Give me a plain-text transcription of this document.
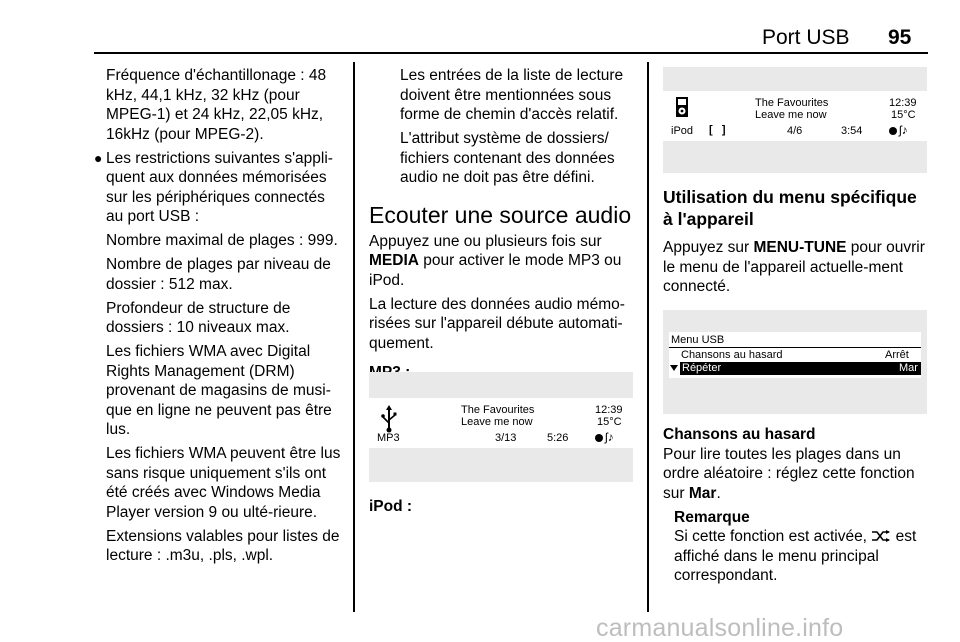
Port USB 95

Fréquence d'échantillonage : 48 kHz, 44,1 kHz, 32 kHz (pour MPEG-1) et 24 kHz, 22,05 kHz, 16kHz (pour MPEG-2).

● Les restrictions suivantes s'appli-quent aux données mémorisées sur les périphériques connectés au port USB :

Nombre maximal de plages : 999.

Nombre de plages par niveau de dossier : 512 max.

Profondeur de structure de dossiers : 10 niveaux max.

Les fichiers WMA avec Digital Rights Management (DRM) provenant de magasins de musi-que en ligne ne peuvent pas être lus.

Les fichiers WMA peuvent être lus sans risque uniquement s'ils ont été créés avec Windows Media Player version 9 ou ulté-rieure.

Extensions valables pour listes de lecture : .m3u, .pls, .wpl.

Les entrées de la liste de lecture doivent être mentionnées sous forme de chemin d'accès relatif.

L'attribut système de dossiers/ fichiers contenant des données audio ne doit pas être défini.

Ecouter une source audio

Appuyez une ou plusieurs fois sur MEDIA pour activer le mode MP3 ou iPod.

La lecture des données audio mémo-risées sur l'appareil débute automati-quement.

iPod :
The Favourites
Leave me now
12:39
15°C
MP3	3/13	5:26	ʃ♪
The Favourites
Leave me now
12:39
15°C
iPod [   ]	4/6	3:54	ʃ♪
Utilisation du menu spécifique à l'appareil

Appuyez sur MENU-TUNE pour ouvrir le menu de l'appareil actuelle-ment connecté.

Menu USB
Chansons au hasard	Arrêt
Répéter	Mar

Chansons au hasard

Pour lire toutes les plages dans un ordre aléatoire : réglez cette fonction sur Mar.

Remarque

Si cette fonction est activée, est affiché dans le menu principal correspondant.

carmanualsonline.info
